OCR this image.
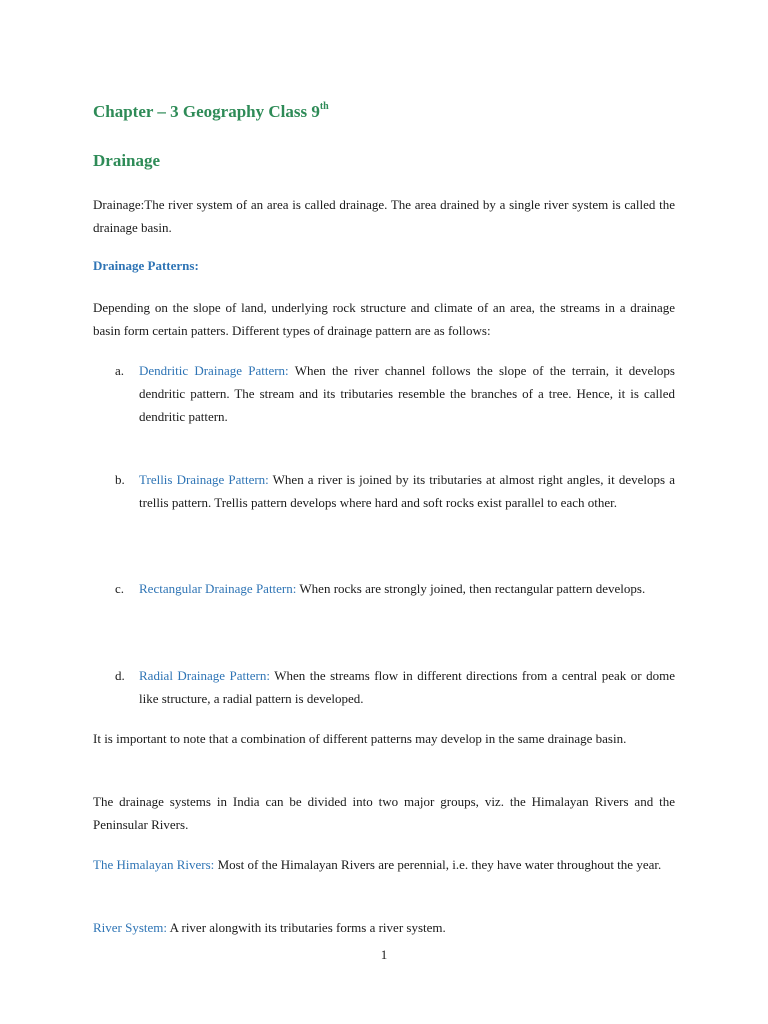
Chapter – 3 Geography Class 9th
Drainage
Drainage:The river system of an area is called drainage. The area drained by a single river system is called the drainage basin.
Drainage Patterns:
Depending on the slope of land, underlying rock structure and climate of an area, the streams in a drainage basin form certain patters. Different types of drainage pattern are as follows:
a.	Dendritic Drainage Pattern: When the river channel follows the slope of the terrain, it develops dendritic pattern. The stream and its tributaries resemble the branches of a tree. Hence, it is called dendritic pattern.
b.	Trellis Drainage Pattern: When a river is joined by its tributaries at almost right angles, it develops a trellis pattern. Trellis pattern develops where hard and soft rocks exist parallel to each other.
c.	Rectangular Drainage Pattern: When rocks are strongly joined, then rectangular pattern develops.
d.	Radial Drainage Pattern: When the streams flow in different directions from a central peak or dome like structure, a radial pattern is developed.
It is important to note that a combination of different patterns may develop in the same drainage basin.
The drainage systems in India can be divided into two major groups, viz. the Himalayan Rivers and the Peninsular Rivers.
The Himalayan Rivers: Most of the Himalayan Rivers are perennial, i.e. they have water throughout the year.
River System: A river alongwith its tributaries forms a river system.
1
